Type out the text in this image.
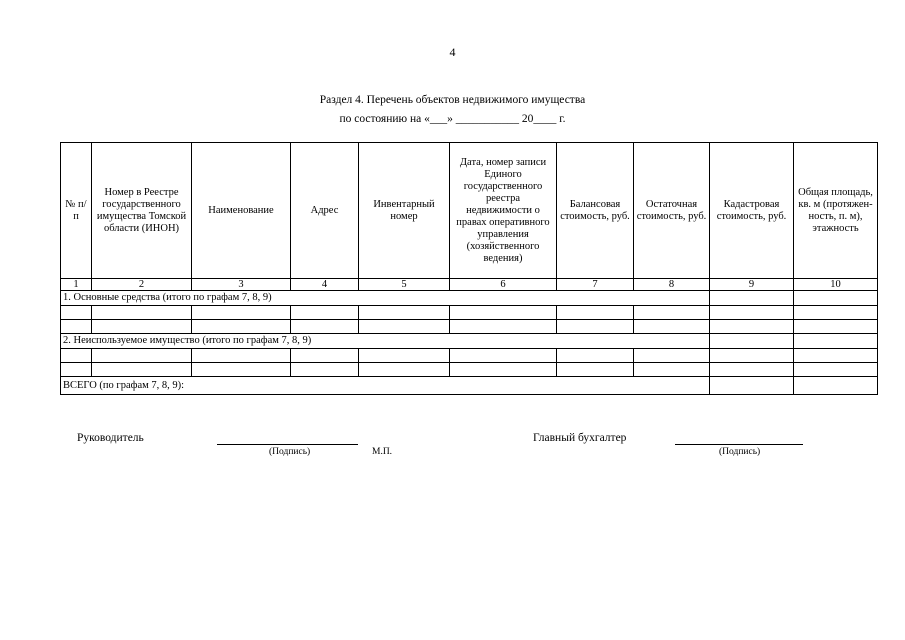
4
Раздел 4. Перечень объектов недвижимого имущества
по состоянию на «___» ___________ 20____ г.
№ п/п	Номер в Реестре государственного имущества Томской области (ИНОН)	Наименование	Адрес	Инвентарный номер	Дата, номер записи Единого государственного реестра недвижимости о правах оперативного управления (хозяйственного ведения)	Балансовая стоимость, руб.	Остаточная стоимость, руб.	Кадастровая стоимость, руб.	Общая площадь, кв. м (протяжен-ность, п. м), этажность
1	2	3	4	5	6	7	8	9	10
1. Основные средства (итого по графам 7, 8, 9)									

2. Неиспользуемое имущество (итого по графам 7, 8, 9)									

ВСЕГО (по графам 7, 8, 9):									
Руководитель
(Подпись)	М.П.
Главный бухгалтер
(Подпись)
